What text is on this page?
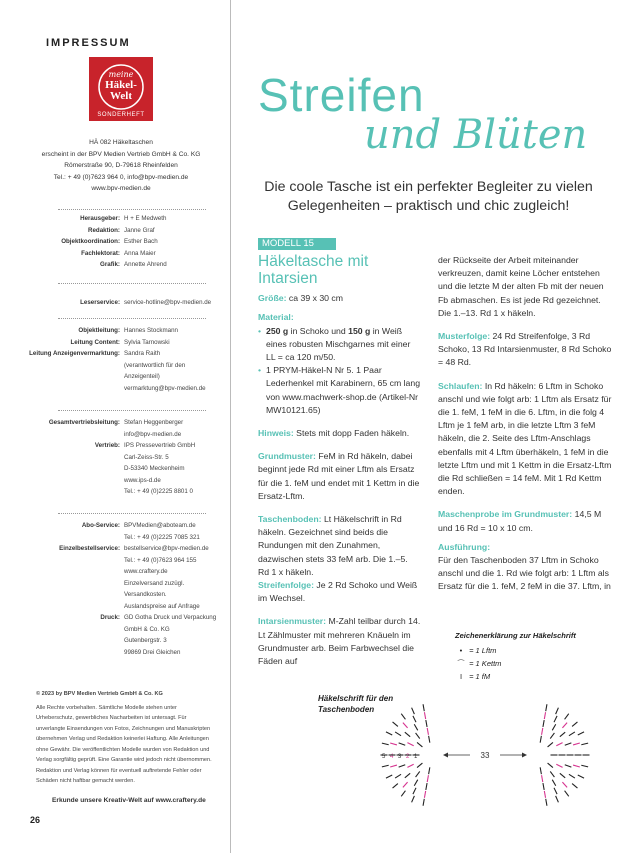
IMPRESSUM
meine
Häkel-
Welt
SONDERHEFT
HÄ 082 Häkeltaschen
erscheint in der BPV Medien Vertrieb GmbH & Co. KG
Römerstraße 90, D-79618 Rheinfelden
Tel.: + 49 (0)7623 964 0, info@bpv-medien.de
www.bpv-medien.de
Herausgeber: H + E Medweth
Redaktion: Janne Graf
Objektkoordination: Esther Bach
Fachlektorat: Anna Maier
Grafik: Annette Ahrend
Leserservice: service-hotline@bpv-medien.de
Objektleitung: Hannes Stockmann
Leitung Content: Sylvia Tarnowski
Leitung Anzeigenvermarktung: Sandra Raith
(verantwortlich für den
Anzeigenteil)
vermarktung@bpv-medien.de
Gesamtvertriebsleitung: Stefan Heggenberger
info@bpv-medien.de
Vertrieb: IPS Pressevertrieb GmbH
Carl-Zeiss-Str. 5
D-53340 Meckenheim
www.ips-d.de
Tel.: + 49 (0)2225 8801 0
Abo-Service: BPVMedien@aboteam.de
Tel.: + 49 (0)2225 7085 321
Einzelbestellservice: bestellservice@bpv-medien.de
Tel.: + 49 (0)7623 964 155
www.craftery.de
Einzelversand zuzügl.
Versandkosten.
Auslandspreise auf Anfrage
Druck: GD Gotha Druck und Verpackung
GmbH & Co. KG
Gutenbergstr. 3
99869 Drei Gleichen
© 2023 by BPV Medien Vertrieb GmbH & Co. KG
Alle Rechte vorbehalten. Sämtliche Modelle stehen unter Urheberschutz, gewerbliches Nacharbeiten ist untersagt. Für unverlangte Einsendungen von Fotos, Zeichnungen und Manuskripten übernehmen Verlag und Redaktion keinerlei Haftung. Alle Anleitungen ohne Gewähr. Die veröffentlichten Modelle wurden von Redaktion und Verlag sorgfältig geprüft. Eine Garantie wird jedoch nicht übernommen. Redaktion und Verlag können für eventuell auftretende Fehler oder Schäden nicht haftbar gemacht werden.
Erkunde unsere Kreativ-Welt auf www.craftery.de
26
Streifen
und Blüten
Die coole Tasche ist ein perfekter Begleiter zu vielen Gelegenheiten – praktisch und chic zugleich!
MODELL 15
Häkeltasche mit Intarsien
Größe: ca 39 x 30 cm
Material:
• 250 g in Schoko und 150 g in Weiß eines robusten Mischgarnes mit einer LL = ca 120 m/50.
• 1 PRYM-Häkel-N Nr 5. 1 Paar Lederhenkel mit Karabinern, 65 cm lang von www.machwerk-shop.de (Artikel-Nr MW10121.65)
Hinweis: Stets mit dopp Faden häkeln.
Grundmuster: FeM in Rd häkeln, dabei beginnt jede Rd mit einer Lftm als Ersatz für die 1. feM und endet mit 1 Kettm in die Ersatz-Lftm.
Taschenboden: Lt Häkelschrift in Rd häkeln. Gezeichnet sind beids die Rundungen mit den Zunahmen, dazwischen stets 33 feM arb. Die 1.–5. Rd 1 x häkeln.
Streifenfolge: Je 2 Rd Schoko und Weiß im Wechsel.
Intarsienmuster: M-Zahl teilbar durch 14. Lt Zählmuster mit mehreren Knäueln im Grundmuster arb. Beim Farbwechsel die Fäden auf
der Rückseite der Arbeit miteinander verkreuzen, damit keine Löcher entstehen und die letzte M der alten Fb mit der neuen Fb abmaschen. Es ist jede Rd gezeichnet. Die 1.–13. Rd 1 x häkeln.
Musterfolge: 24 Rd Streifenfolge, 3 Rd Schoko, 13 Rd Intarsienmuster, 8 Rd Schoko = 48 Rd.
Schlaufen: In Rd häkeln: 6 Lftm in Schoko anschl und wie folgt arb: 1 Lftm als Ersatz für die 1. feM, 1 feM in die 6. Lftm, in die folg 4 Lftm je 1 feM arb, in die letzte Lftm 3 feM häkeln, die 2. Seite des Lftm-Anschlags ebenfalls mit 4 Lftm überhäkeln, 1 feM in die letzte Lftm und mit 1 Kettm in die Ersatz-Lftm die Rd schließen = 14 feM. Mit 1 Rd Kettm enden.
Maschenprobe im Grundmuster: 14,5 M und 16 Rd = 10 x 10 cm.
Ausführung:
Für den Taschenboden 37 Lftm in Schoko anschl und die 1. Rd wie folgt arb: 1 Lftm als Ersatz für die 1. feM, 2 feM in die 37. Lftm, in
Zeichenerklärung zur Häkelschrift
• = 1 Lftm
⌒ = 1 Kettm
I = 1 fM
Häkelschrift für den
Taschenboden
33
5 4 3 2 1
